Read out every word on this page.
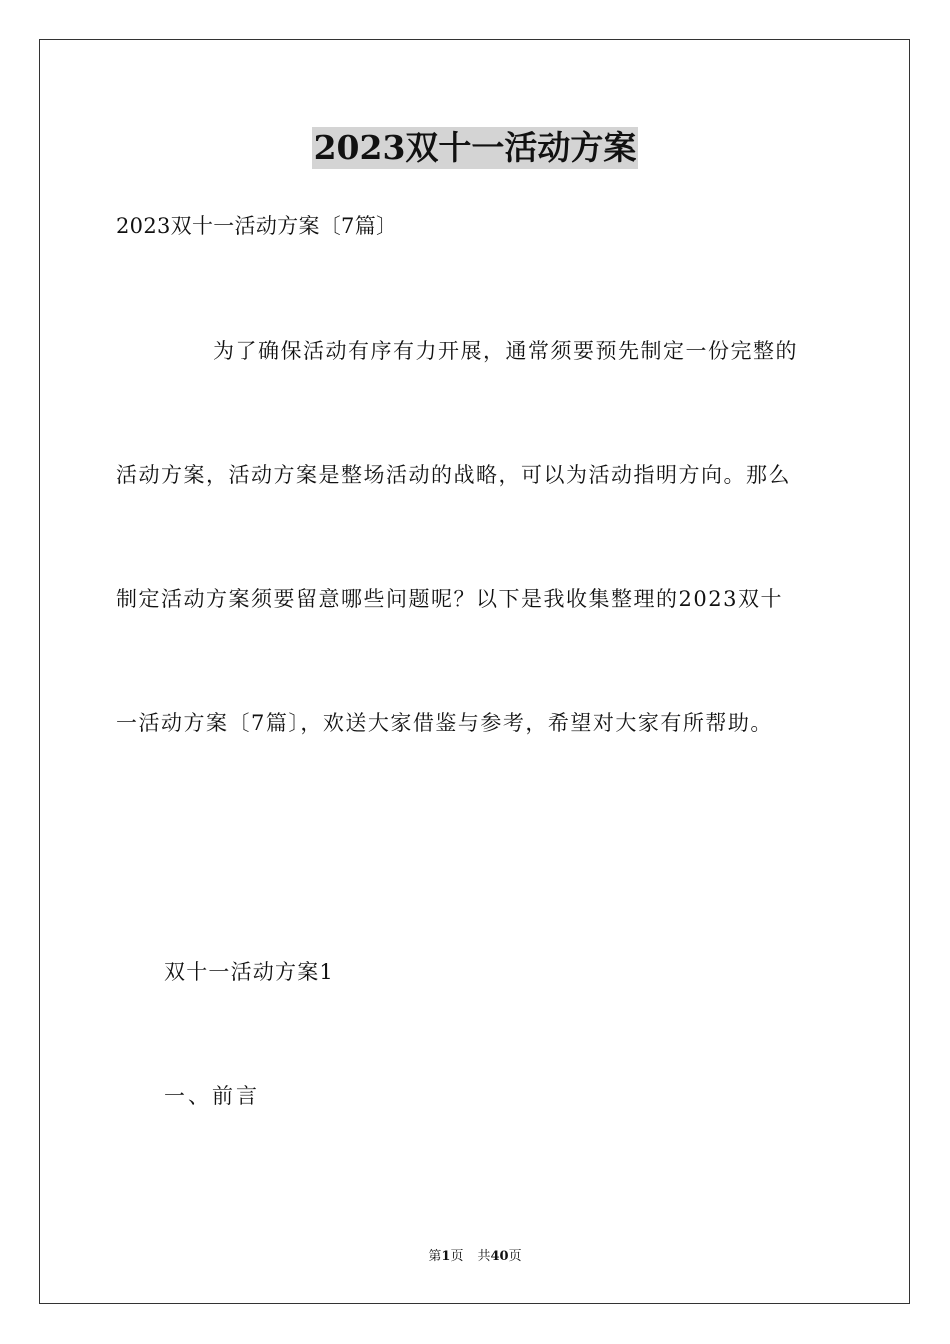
2023双十一活动方案
2023双十一活动方案〔7篇〕
为了确保活动有序有力开展，通常须要预先制定一份完整的
活动方案，活动方案是整场活动的战略，可以为活动指明方向。那么
制定活动方案须要留意哪些问题呢？以下是我收集整理的2023双十
一活动方案〔7篇〕，欢送大家借鉴与参考，希望对大家有所帮助。
双十一活动方案1
一、前言
第1页 共40页
